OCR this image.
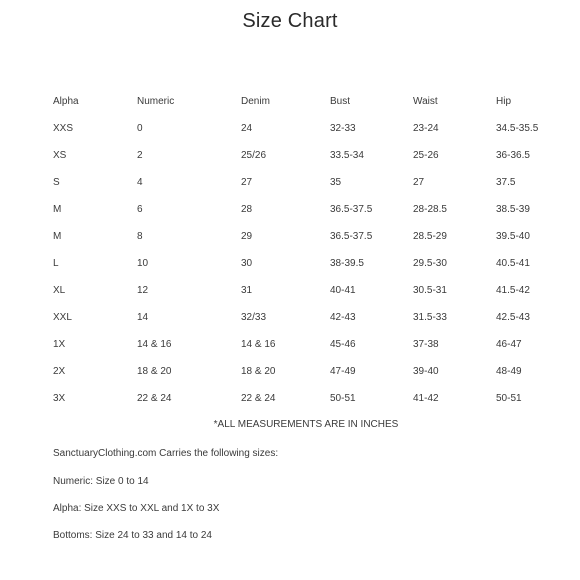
Size Chart
Alpha	Numeric	Denim	Bust	Waist	Hip
XXS	0	24	32-33	23-24	34.5-35.5
XS	2	25/26	33.5-34	25-26	36-36.5
S	4	27	35	27	37.5
M	6	28	36.5-37.5	28-28.5	38.5-39
M	8	29	36.5-37.5	28.5-29	39.5-40
L	10	30	38-39.5	29.5-30	40.5-41
XL	12	31	40-41	30.5-31	41.5-42
XXL	14	32/33	42-43	31.5-33	42.5-43
1X	14 & 16	14 & 16	45-46	37-38	46-47
2X	18 & 20	18 & 20	47-49	39-40	48-49
3X	22 & 24	22 & 24	50-51	41-42	50-51
*ALL MEASUREMENTS ARE IN INCHES
SanctuaryClothing.com Carries the following sizes:
Numeric: Size 0 to 14
Alpha: Size XXS to XXL and 1X to 3X
Bottoms: Size 24 to 33 and 14 to 24
